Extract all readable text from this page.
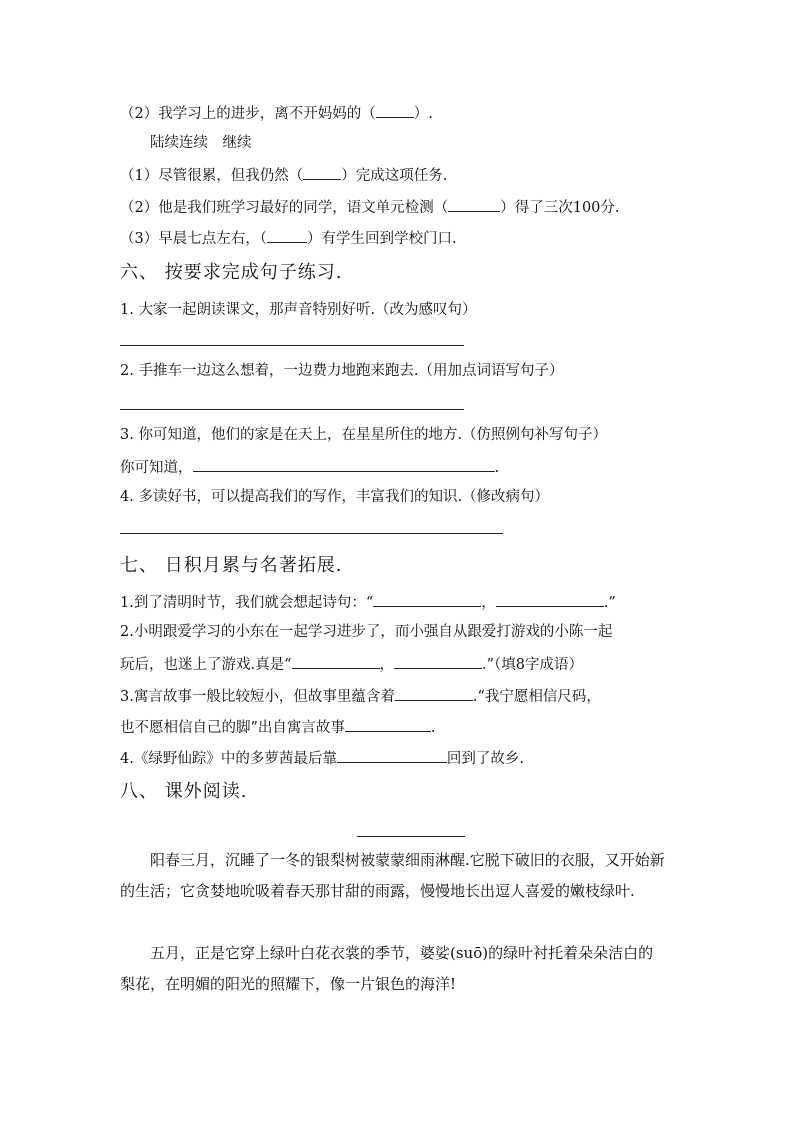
（2）我学习上的进步，离不开妈妈的（	）.
陆续连续　继续
（1）尽管很累，但我仍然（	）完成这项任务.
（2）他是我们班学习最好的同学，语文单元检测（	）得了三次100分.
（3）早晨七点左右，（	）有学生回到学校门口.
六、 按要求完成句子练习.
1. 大家一起朗读课文，那声音特别好听.（改为感叹句）
2. 手推车一边这么想着，一边费力地跑来跑去.（用加点词语写句子）
3. 你可知道，他们的家是在天上，在星星所住的地方.（仿照例句补写句子）
你可知道，	.
4. 多读好书，可以提高我们的写作，丰富我们的知识.（修改病句）
七、 日积月累与名著拓展.
1.到了清明时节，我们就会想起诗句：“	，	.”
2.小明跟爱学习的小东在一起学习进步了，而小强自从跟爱打游戏的小陈一起
玩后，也迷上了游戏.真是“	，	.”（填8字成语）
3.寓言故事一般比较短小，但故事里蕴含着	.“我宁愿相信尺码，
也不愿相信自己的脚”出自寓言故事	.
4.《绿野仙踪》中的多萝茜最后靠	回到了故乡.
八、 课外阅读.
阳春三月，沉睡了一冬的银梨树被蒙蒙细雨淋醒.它脱下破旧的衣服，又开始新的生活；它贪婪地吮吸着春天那甘甜的雨露，慢慢地长出逗人喜爱的嫩枝绿叶.
五月，正是它穿上绿叶白花衣裳的季节，婆娑(suō)的绿叶衬托着朵朵洁白的梨花，在明媚的阳光的照耀下，像一片银色的海洋!
